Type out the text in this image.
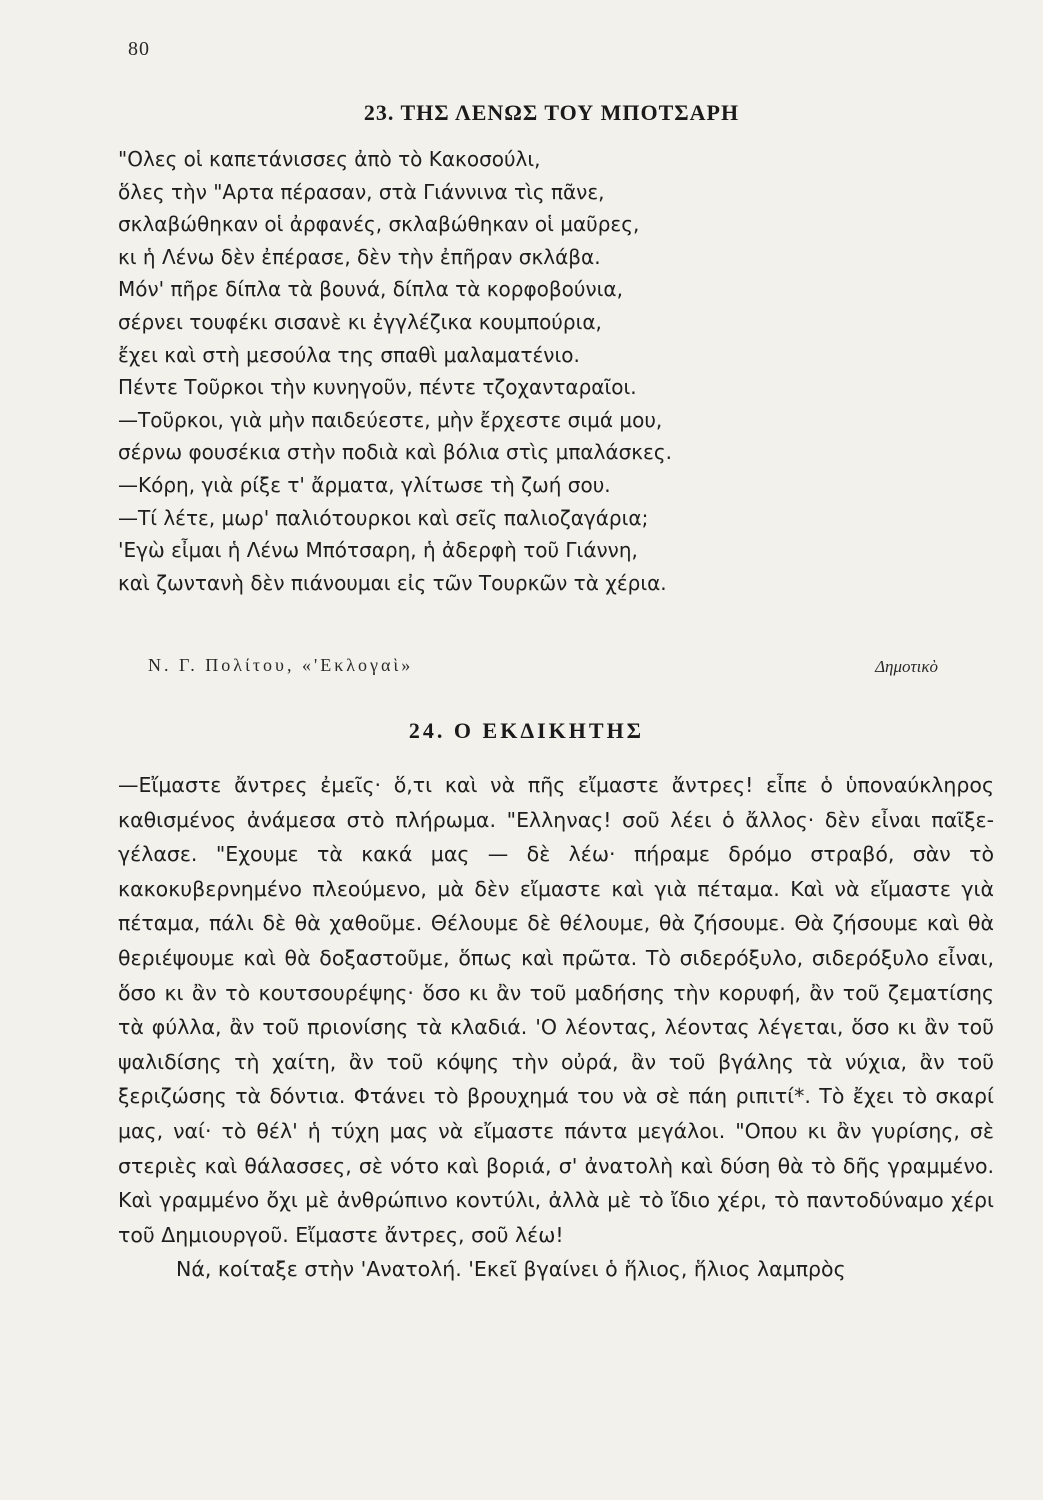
80
23. ΤΗΣ ΛΕΝΩΣ ΤΟΥ ΜΠΟΤΣΑΡΗ
"Ολες οἱ καπετάνισσες ἀπὸ τὸ Κακοσούλι,
ὅλες τὴν "Αρτα πέρασαν, στὰ Γιάννινα τὶς πᾶνε,
σκλαβώθηκαν οἱ ἀρφανές, σκλαβώθηκαν οἱ μαῦρες,
κι ἡ Λένω δὲν ἐπέρασε, δὲν τὴν ἐπῆραν σκλάβα.
Μόν' πῆρε δίπλα τὰ βουνά, δίπλα τὰ κορφοβούνια,
σέρνει τουφέκι σισανὲ κι ἐγγλέζικα κουμπούρια,
ἔχει καὶ στὴ μεσούλα της σπαθὶ μαλαματένιο.
Πέντε Τοῦρκοι τὴν κυνηγοῦν, πέντε τζοχανταραῖοι.
—Τοῦρκοι, γιὰ μὴν παιδεύεστε, μὴν ἔρχεστε σιμά μου,
σέρνω φουσέκια στὴν ποδιὰ καὶ βόλια στὶς μπαλάσκες.
—Κόρη, γιὰ ρίξε τ' ἄρματα, γλίτωσε τὴ ζωή σου.
—Τί λέτε, μωρ' παλιότουρκοι καὶ σεῖς παλιοζαγάρια;
'Εγὼ εἶμαι ἡ Λένω Μπότσαρη, ἡ ἀδερφὴ τοῦ Γιάννη,
καὶ ζωντανὴ δὲν πιάνουμαι εἰς τῶν Τουρκῶν τὰ χέρια.
Ν. Γ. Πολίτου, «'Εκλογαὶ»	Δημοτικὸ
24. Ο ΕΚΔΙΚΗΤΗΣ

—Εἴμαστε ἄντρες ἐμεῖς· ὅ,τι καὶ νὰ πῆς εἴμαστε ἄντρες! εἶπε ὁ ὑποναύκληρος καθισμένος ἀνάμεσα στὸ πλήρωμα. "Ελληνας! σοῦ λέει ὁ ἄλλος· δὲν εἶναι παῖξε-γέλασε. "Εχουμε τὰ κακά μας — δὲ λέω· πήραμε δρόμο στραβό, σὰν τὸ κακοκυβερνημένο πλεούμενο, μὰ δὲν εἴμαστε καὶ γιὰ πέταμα. Καὶ νὰ εἴμαστε γιὰ πέταμα, πάλι δὲ θὰ χαθοῦμε. Θέλουμε δὲ θέλουμε, θὰ ζήσουμε. Θὰ ζήσουμε καὶ θὰ θεριέψουμε καὶ θὰ δοξαστοῦμε, ὅπως καὶ πρῶτα. Τὸ σιδερόξυλο, σιδερόξυλο εἶναι, ὅσο κι ἂν τὸ κουτσουρέψης· ὅσο κι ἂν τοῦ μαδήσης τὴν κορυφή, ἂν τοῦ ζεματίσης τὰ φύλλα, ἂν τοῦ πριονίσης τὰ κλαδιά. 'Ο λέοντας, λέοντας λέγεται, ὅσο κι ἂν τοῦ ψαλιδίσης τὴ χαίτη, ἂν τοῦ κόψης τὴν οὐρά, ἂν τοῦ βγάλης τὰ νύχια, ἂν τοῦ ξεριζώσης τὰ δόντια. Φτάνει τὸ βρουχημά του νὰ σὲ πάη ριπιτί*. Τὸ ἔχει τὸ σκαρί μας, ναί· τὸ θέλ' ἡ τύχη μας νὰ εἴμαστε πάντα μεγάλοι. "Οπου κι ἂν γυρίσης, σὲ στεριὲς καὶ θάλασσες, σὲ νότο καὶ βοριά, σ' ἀνατολὴ καὶ δύση θὰ τὸ δῆς γραμμένο. Καὶ γραμμένο ὄχι μὲ ἀνθρώπινο κοντύλι, ἀλλὰ μὲ τὸ ἴδιο χέρι, τὸ παντοδύναμο χέρι τοῦ Δημιουργοῦ. Εἴμαστε ἄντρες, σοῦ λέω!

Νά, κοίταξε στὴν 'Ανατολή. 'Εκεῖ βγαίνει ὁ ἥλιος, ἥλιος λαμπρὸς
